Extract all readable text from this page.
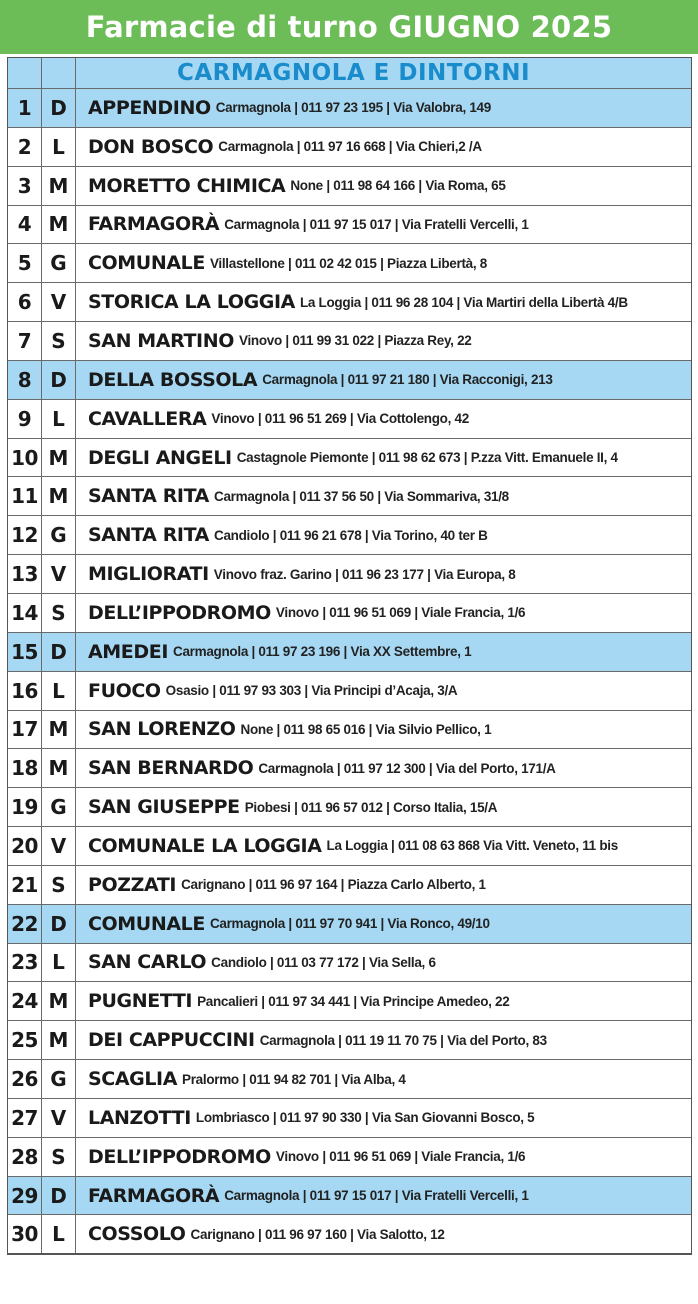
Farmacie di turno GIUGNO 2025
CARMAGNOLA E DINTORNI
1 D	APPENDINO Carmagnola | 011 97 23 195 | Via Valobra, 149
2	L	DON BOSCO Carmagnola | 011 97 16 668 | Via Chieri,2 /A
3 M	MORETTO CHIMICA None | 011 98 64 166 | Via Roma, 65
4 M	FARMAGORÀ Carmagnola | 011 97 15 017 | Via Fratelli Vercelli, 1
5 G	COMUNALE Villastellone | 011 02 42 015 | Piazza Libertà, 8
6 V	STORICA LA LOGGIA La Loggia | 011 96 28 104 | Via Martiri della Libertà 4/B
7	S	SAN MARTINO Vinovo | 011 99 31 022 | Piazza Rey, 22
8 D	DELLA BOSSOLA Carmagnola | 011 97 21 180 | Via Racconigi, 213
9	L	CAVALLERA Vinovo | 011 96 51 269 | Via Cottolengo, 42
10 M	DEGLI ANGELI Castagnole Piemonte | 011 98 62 673 | P.zza Vitt. Emanuele II, 4
11 M	SANTA RITA Carmagnola | 011 37 56 50 | Via Sommariva, 31/8
12 G	SANTA RITA Candiolo | 011 96 21 678 | Via Torino, 40 ter B
13 V	MIGLIORATI Vinovo fraz. Garino | 011 96 23 177 | Via Europa, 8
14 S	DELL’IPPODROMO Vinovo | 011 96 51 069 | Viale Francia, 1/6
15 D	AMEDEI Carmagnola | 011 97 23 196 | Via XX Settembre, 1
16 L	FUOCO Osasio | 011 97 93 303 | Via Principi d’Acaja, 3/A
17 M	SAN LORENZO None | 011 98 65 016 | Via Silvio Pellico, 1
18 M	SAN BERNARDO Carmagnola | 011 97 12 300 | Via del Porto, 171/A
19 G	SAN GIUSEPPE Piobesi | 011 96 57 012 | Corso Italia, 15/A
20 V	COMUNALE LA LOGGIA La Loggia | 011 08 63 868 Via Vitt. Veneto, 11 bis
21 S	POZZATI Carignano | 011 96 97 164 | Piazza Carlo Alberto, 1
22 D	COMUNALE Carmagnola | 011 97 70 941 | Via Ronco, 49/10
23 L	SAN CARLO Candiolo | 011 03 77 172 | Via Sella, 6
24 M	PUGNETTI Pancalieri | 011 97 34 441 | Via Principe Amedeo, 22
25 M	DEI CAPPUCCINI Carmagnola | 011 19 11 70 75 | Via del Porto, 83
26 G	SCAGLIA Pralormo | 011 94 82 701 | Via Alba, 4
27 V	LANZOTTI Lombriasco | 011 97 90 330 | Via San Giovanni Bosco, 5
28 S	DELL’IPPODROMO Vinovo | 011 96 51 069 | Viale Francia, 1/6
29 D	FARMAGORÀ Carmagnola | 011 97 15 017 | Via Fratelli Vercelli, 1
30 L	COSSOLO Carignano | 011 96 97 160 | Via Salotto, 12
